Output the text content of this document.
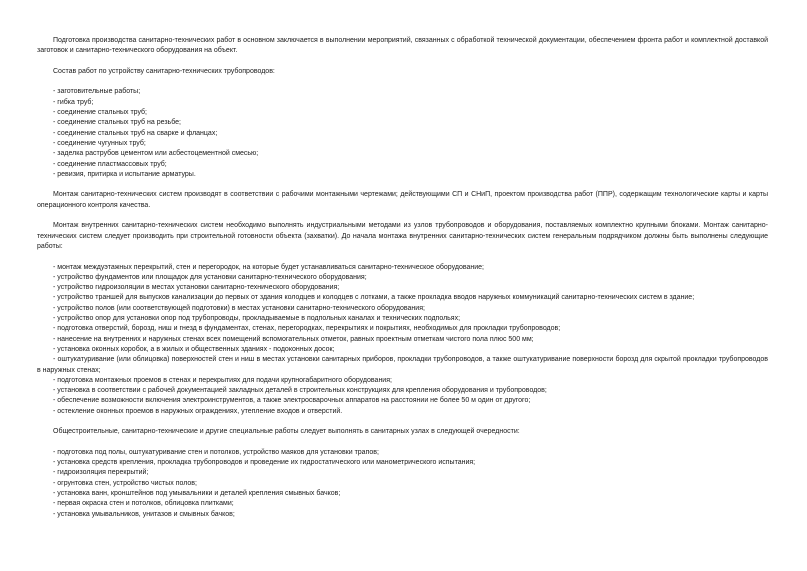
Подготовка производства санитарно-технических работ в основном заключается в выполнении мероприятий, связанных с обработкой технической документации, обеспечением фронта работ и комплектной доставкой заготовок и санитарно-технического оборудования на объект.

Состав работ по устройству санитарно-технических трубопроводов:

- заготовительные работы;
- гибка труб;
- соединение стальных труб;
- соединение стальных труб на резьбе;
- соединение стальных труб на сварке и фланцах;
- соединение чугунных труб;
- заделка раструбов цементом или асбестоцементной смесью;
- соединение пластмассовых труб;
- ревизия, притирка и испытание арматуры.

Монтаж санитарно-технических систем производят в соответствии с рабочими монтажными чертежами; действующими СП и СНиП, проектом производства работ (ППР), содержащим технологические карты и карты операционного контроля качества.

Монтаж внутренних санитарно-технических систем необходимо выполнять индустриальными методами из узлов трубопроводов и оборудования, поставляемых комплектно крупными блоками. Монтаж санитарно-технических систем следует производить при строительной готовности объекта (захватки). До начала монтажа внутренних санитарно-технических систем генеральным подрядчиком должны быть выполнены следующие работы:

- монтаж междуэтажных перекрытий, стен и перегородок, на которые будет устанавливаться санитарно-техническое оборудование;
- устройство фундаментов или площадок для установки санитарно-технического оборудования;
- устройство гидроизоляции в местах установки санитарно-технического оборудования;
- устройство траншей для выпусков канализации до первых от здания колодцев и колодцев с лотками, а также прокладка вводов наружных коммуникаций санитарно-технических систем в здание;
- устройство полов (или соответствующей подготовки) в местах установки санитарно-технического оборудования;
- устройство опор для установки опор под трубопроводы, прокладываемые в подпольных каналах и технических подпольях;
- подготовка отверстий, борозд, ниш и гнезд в фундаментах, стенах, перегородках, перекрытиях и покрытиях, необходимых для прокладки трубопроводов;
- нанесение на внутренних и наружных стенах всех помещений вспомогательных отметок, равных проектным отметкам чистого пола плюс 500 мм;
- установка оконных коробок, а в жилых и общественных зданиях - подоконных досок;
- оштукатуривание (или облицовка) поверхностей стен и ниш в местах установки санитарных приборов, прокладки трубопроводов, а также оштукатуривание поверхности борозд для скрытой прокладки трубопроводов в наружных стенах;
- подготовка монтажных проемов в стенах и перекрытиях для подачи крупногабаритного оборудования;
- установка в соответствии с рабочей документацией закладных деталей в строительных конструкциях для крепления оборудования и трубопроводов;
- обеспечение возможности включения электроинструментов, а также электросварочных аппаратов на расстоянии не более 50 м один от другого;
- остекление оконных проемов в наружных ограждениях, утепление входов и отверстий.

Общестроительные, санитарно-технические и другие специальные работы следует выполнять в санитарных узлах в следующей очередности:

- подготовка под полы, оштукатуривание стен и потолков, устройство маяков для установки трапов;
- установка средств крепления, прокладка трубопроводов и проведение их гидростатического или манометрического испытания;
- гидроизоляция перекрытий;
- огрунтовка стен, устройство чистых полов;
- установка ванн, кронштейнов под умывальники и деталей крепления смывных бачков;
- первая окраска стен и потолков, облицовка плитками;
- установка умывальников, унитазов и смывных бачков;
